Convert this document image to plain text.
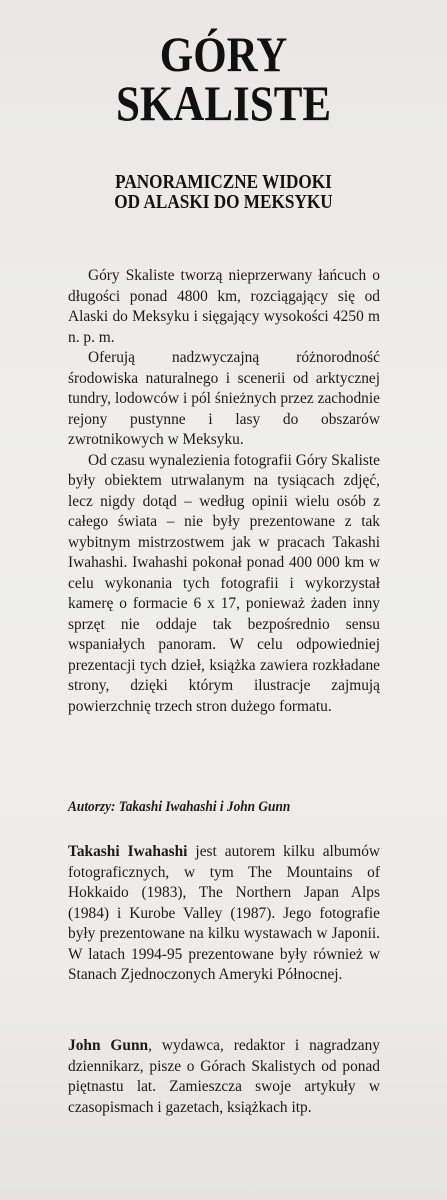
GÓRY
SKALISTE
PANORAMICZNE WIDOKI
OD ALASKI DO MEKSYKU

Góry Skaliste tworzą nieprzerwany łańcuch o długości ponad 4800 km, rozciągający się od Alaski do Meksyku i sięgający wysokości 4250 m n. p. m.

Oferują nadzwyczajną różnorodność środowiska naturalnego i scenerii od arktycznej tundry, lodowców i pól śnieżnych przez zachodnie rejony pustynne i lasy do obszarów zwrotnikowych w Meksyku.

Od czasu wynalezienia fotografii Góry Skaliste były obiektem utrwalanym na tysiącach zdjęć, lecz nigdy dotąd – według opinii wielu osób z całego świata – nie były prezentowane z tak wybitnym mistrzostwem jak w pracach Takashi Iwahashi. Iwahashi pokonał ponad 400 000 km w celu wykonania tych fotografii i wykorzystał kamerę o formacie 6 x 17, ponieważ żaden inny sprzęt nie oddaje tak bezpośrednio sensu wspaniałych panoram. W celu odpowiedniej prezentacji tych dzieł, książka zawiera rozkładane strony, dzięki którym ilustracje zajmują powierzchnię trzech stron dużego formatu.

Autorzy: Takashi Iwahashi i John Gunn
Takashi Iwahashi jest autorem kilku albumów fotograficznych, w tym The Mountains of Hokkaido (1983), The Northern Japan Alps (1984) i Kurobe Valley (1987). Jego fotografie były prezentowane na kilku wystawach w Japonii. W latach 1994-95 prezentowane były również w Stanach Zjednoczonych Ameryki Północnej.
John Gunn, wydawca, redaktor i nagradzany dziennikarz, pisze o Górach Skalistych od ponad piętnastu lat. Zamieszcza swoje artykuły w czasopismach i gazetach, książkach itp.
